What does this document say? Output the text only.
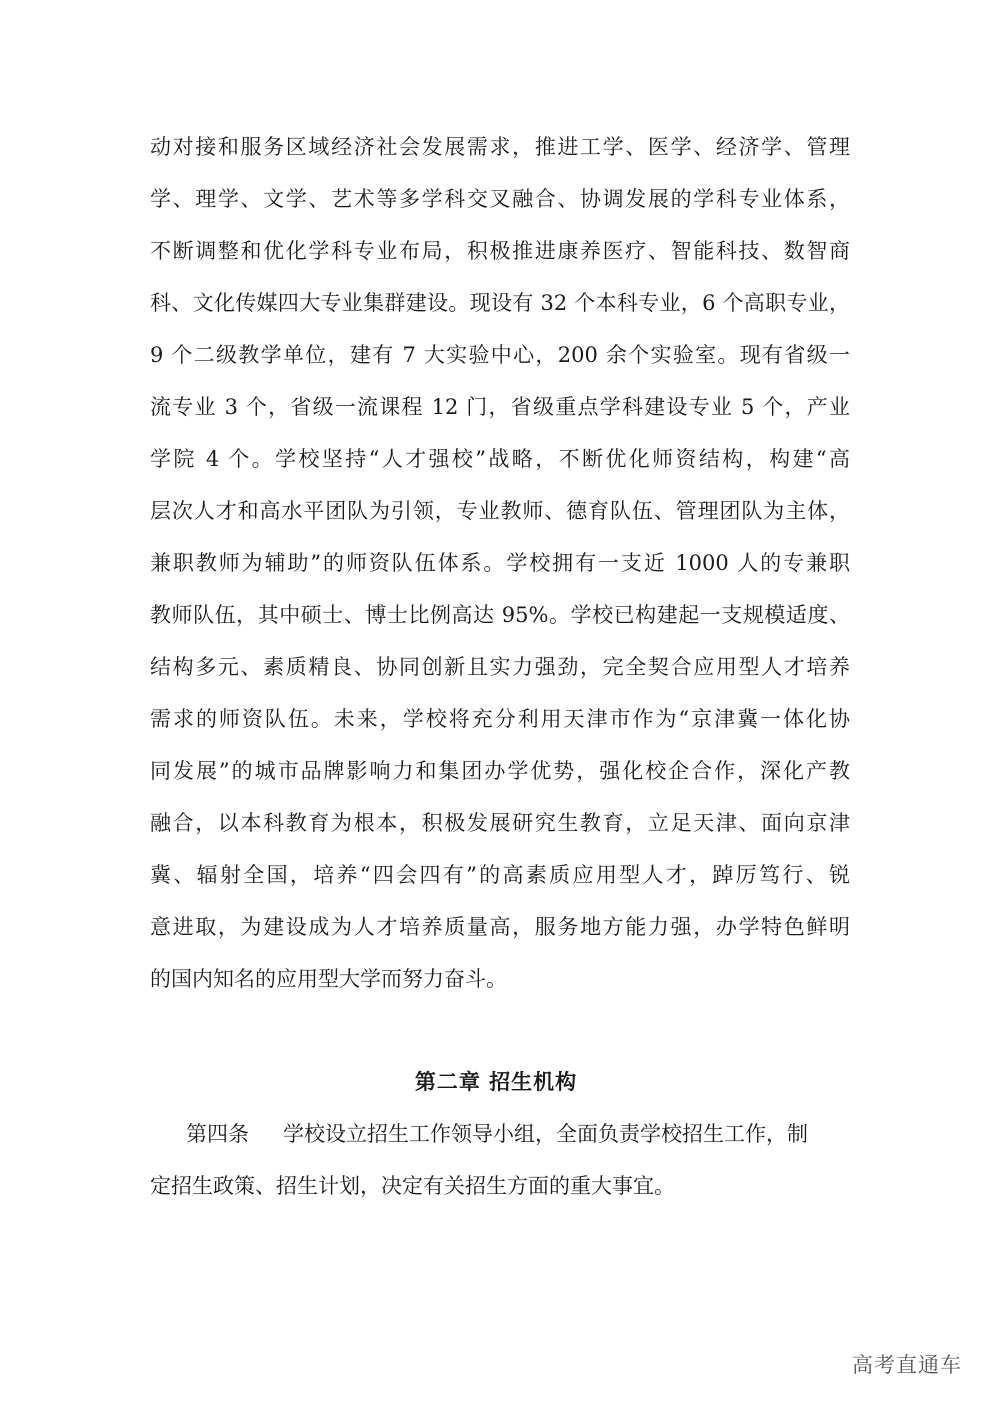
动对接和服务区域经济社会发展需求，推进工学、医学、经济学、管理
学、理学、文学、艺术等多学科交叉融合、协调发展的学科专业体系，
不断调整和优化学科专业布局，积极推进康养医疗、智能科技、数智商
科、文化传媒四大专业集群建设。现设有 32 个本科专业，6 个高职专业，
9 个二级教学单位，建有 7 大实验中心，200 余个实验室。现有省级一
流专业 3 个，省级一流课程 12 门，省级重点学科建设专业 5 个，产业
学院 4 个。学校坚持“人才强校”战略，不断优化师资结构，构建“高
层次人才和高水平团队为引领，专业教师、德育队伍、管理团队为主体，
兼职教师为辅助”的师资队伍体系。学校拥有一支近 1000 人的专兼职
教师队伍，其中硕士、博士比例高达 95%。学校已构建起一支规模适度、
结构多元、素质精良、协同创新且实力强劲，完全契合应用型人才培养
需求的师资队伍。未来，学校将充分利用天津市作为“京津冀一体化协
同发展”的城市品牌影响力和集团办学优势，强化校企合作，深化产教
融合，以本科教育为根本，积极发展研究生教育，立足天津、面向京津
冀、辐射全国，培养“四会四有”的高素质应用型人才，踔厉笃行、锐
意进取，为建设成为人才培养质量高，服务地方能力强，办学特色鲜明
的国内知名的应用型大学而努力奋斗。
第二章 招生机构
第四条 学校设立招生工作领导小组，全面负责学校招生工作，制
定招生政策、招生计划，决定有关招生方面的重大事宜。
高考直通车
